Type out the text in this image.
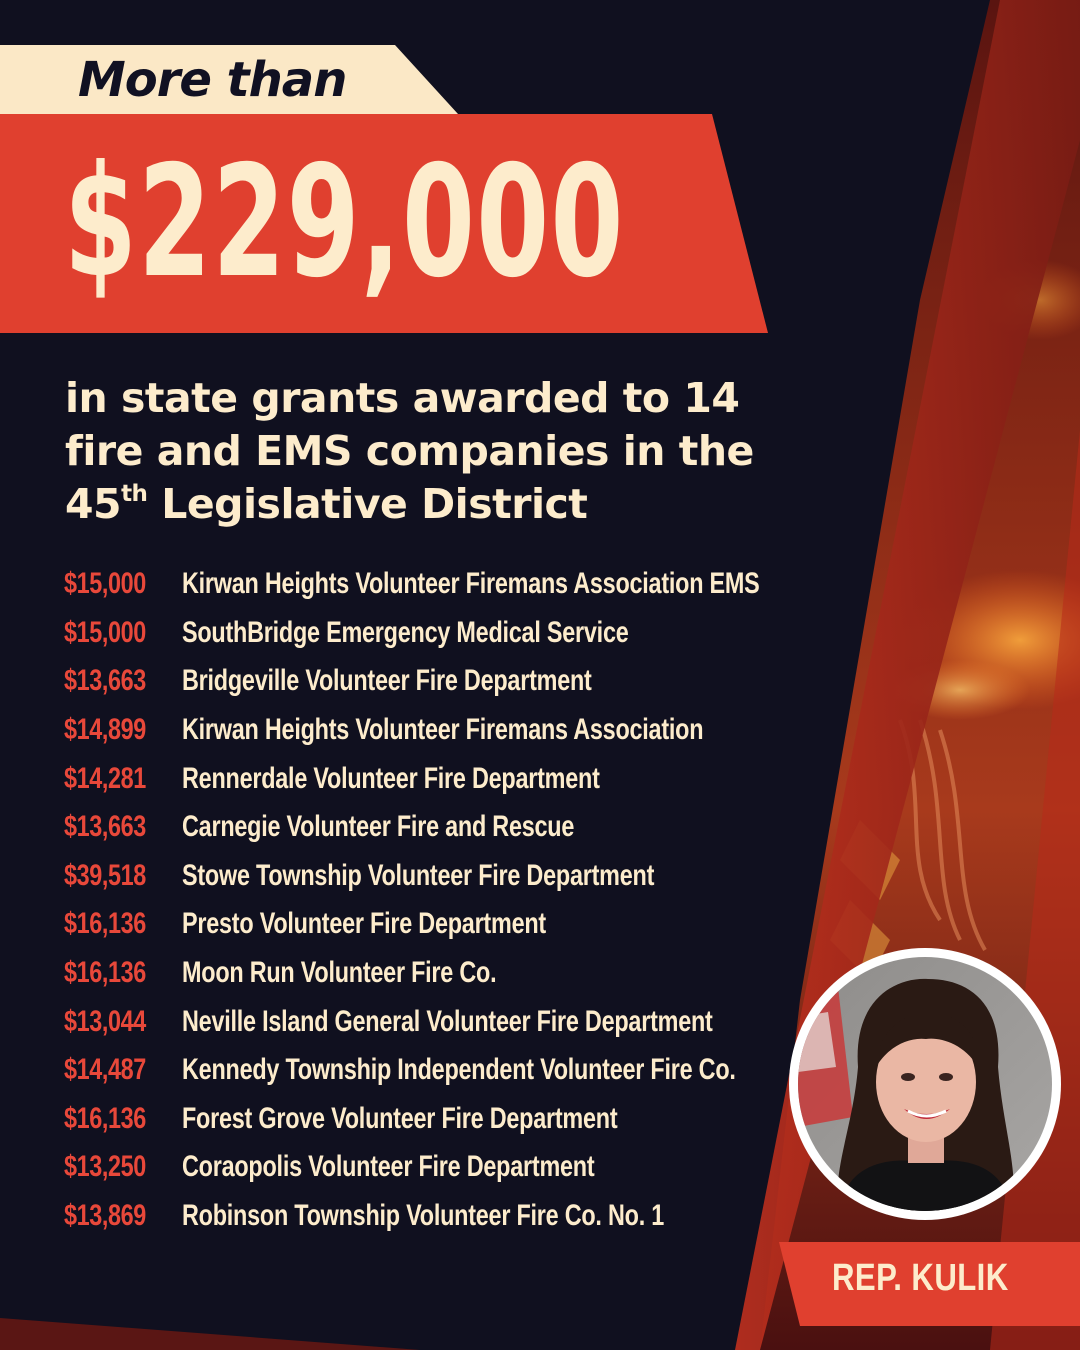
More than
$229,000
in state grants awarded to 14
fire and EMS companies in the
45th Legislative District
$15,000	Kirwan Heights Volunteer Firemans Association EMS
$15,000	SouthBridge Emergency Medical Service
$13,663	Bridgeville Volunteer Fire Department
$14,899	Kirwan Heights Volunteer Firemans Association
$14,281	Rennerdale Volunteer Fire Department
$13,663	Carnegie Volunteer Fire and Rescue
$39,518	Stowe Township Volunteer Fire Department
$16,136	Presto Volunteer Fire Department
$16,136	Moon Run Volunteer Fire Co.
$13,044	Neville Island General Volunteer Fire Department
$14,487	Kennedy Township Independent Volunteer Fire Co.
$16,136	Forest Grove Volunteer Fire Department
$13,250	Coraopolis Volunteer Fire Department
$13,869	Robinson Township Volunteer Fire Co. No. 1
REP. KULIK
